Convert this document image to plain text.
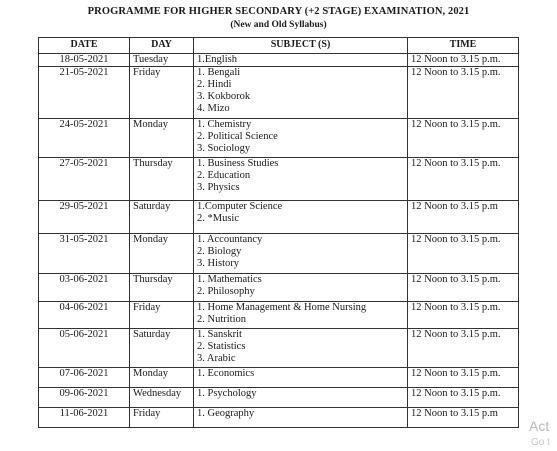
PROGRAMME FOR HIGHER SECONDARY (+2 STAGE) EXAMINATION, 2021
(New and Old Syllabus)
DATE	DAY	SUBJECT (S)	TIME
18-05-2021	Tuesday	1.English	12 Noon to 3.15 p.m.
21-05-2021	Friday	1. Bengali
2. Hindi
3. Kokborok
4. Mizo	12 Noon to 3.15 p.m.
24-05-2021	Monday	1. Chemistry
2. Political Science
3. Sociology	12 Noon to 3.15 p.m.
27-05-2021	Thursday	1. Business Studies
2. Education
3. Physics	12 Noon to 3.15 p.m.
29-05-2021	Saturday	1.Computer Science
2. *Music	12 Noon to 3.15 p.m
31-05-2021	Monday	1. Accountancy
2. Biology
3. History	12 Noon to 3.15 p.m.
03-06-2021	Thursday	1. Mathematics
2. Philosophy	12 Noon to 3.15 p.m.
04-06-2021	Friday	1. Home Management & Home Nursing
2. Nutrition	12 Noon to 3.15 p.m.
05-06-2021	Saturday	1. Sanskrit
2. Statistics
3. Arabic	12 Noon to 3.15 p.m.
07-06-2021	Monday	1. Economics	12 Noon to 3.15 p.m.
09-06-2021	Wednesday	1. Psychology	12 Noon to 3.15 p.m.
11-06-2021	Friday	1. Geography	12 Noon to 3.15 p.m
Act
Go t
